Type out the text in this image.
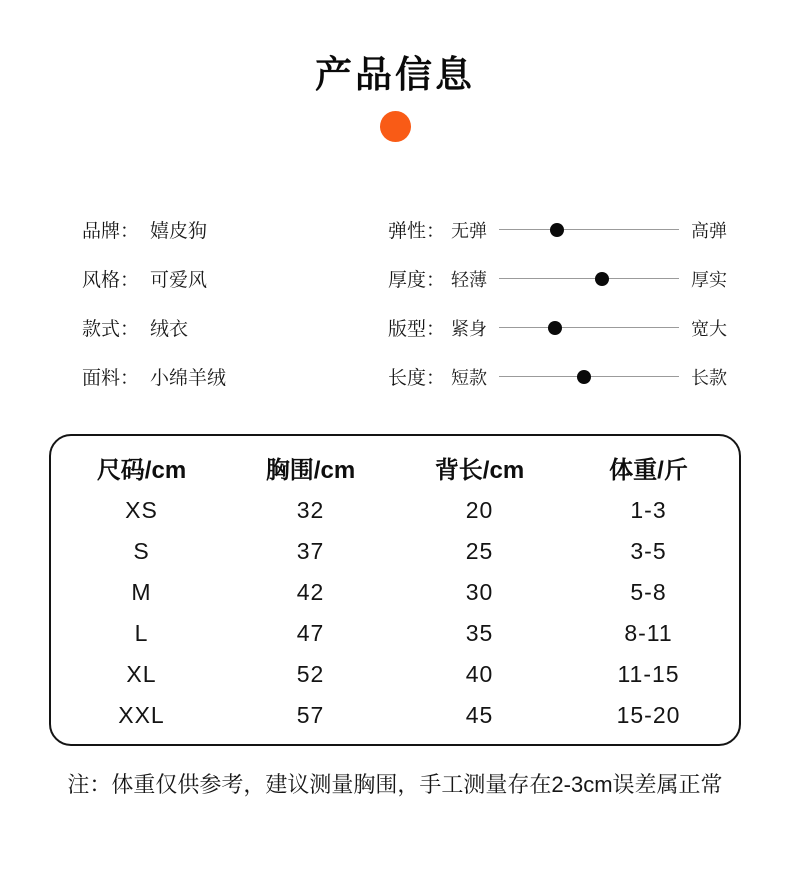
产品信息
品牌： 嬉皮狗
风格： 可爱风
款式： 绒衣
面料： 小绵羊绒
弹性： 无弹	高弹
厚度： 轻薄	厚实
版型： 紧身	宽大
长度： 短款	长款
尺码/cm	胸围/cm	背长/cm	体重/斤
XS	32	20	1-3
S	37	25	3-5
M	42	30	5-8
L	47	35	8-11
XL	52	40	11-15
XXL	57	45	15-20
注：体重仅供参考，建议测量胸围，手工测量存在2-3cm误差属正常
